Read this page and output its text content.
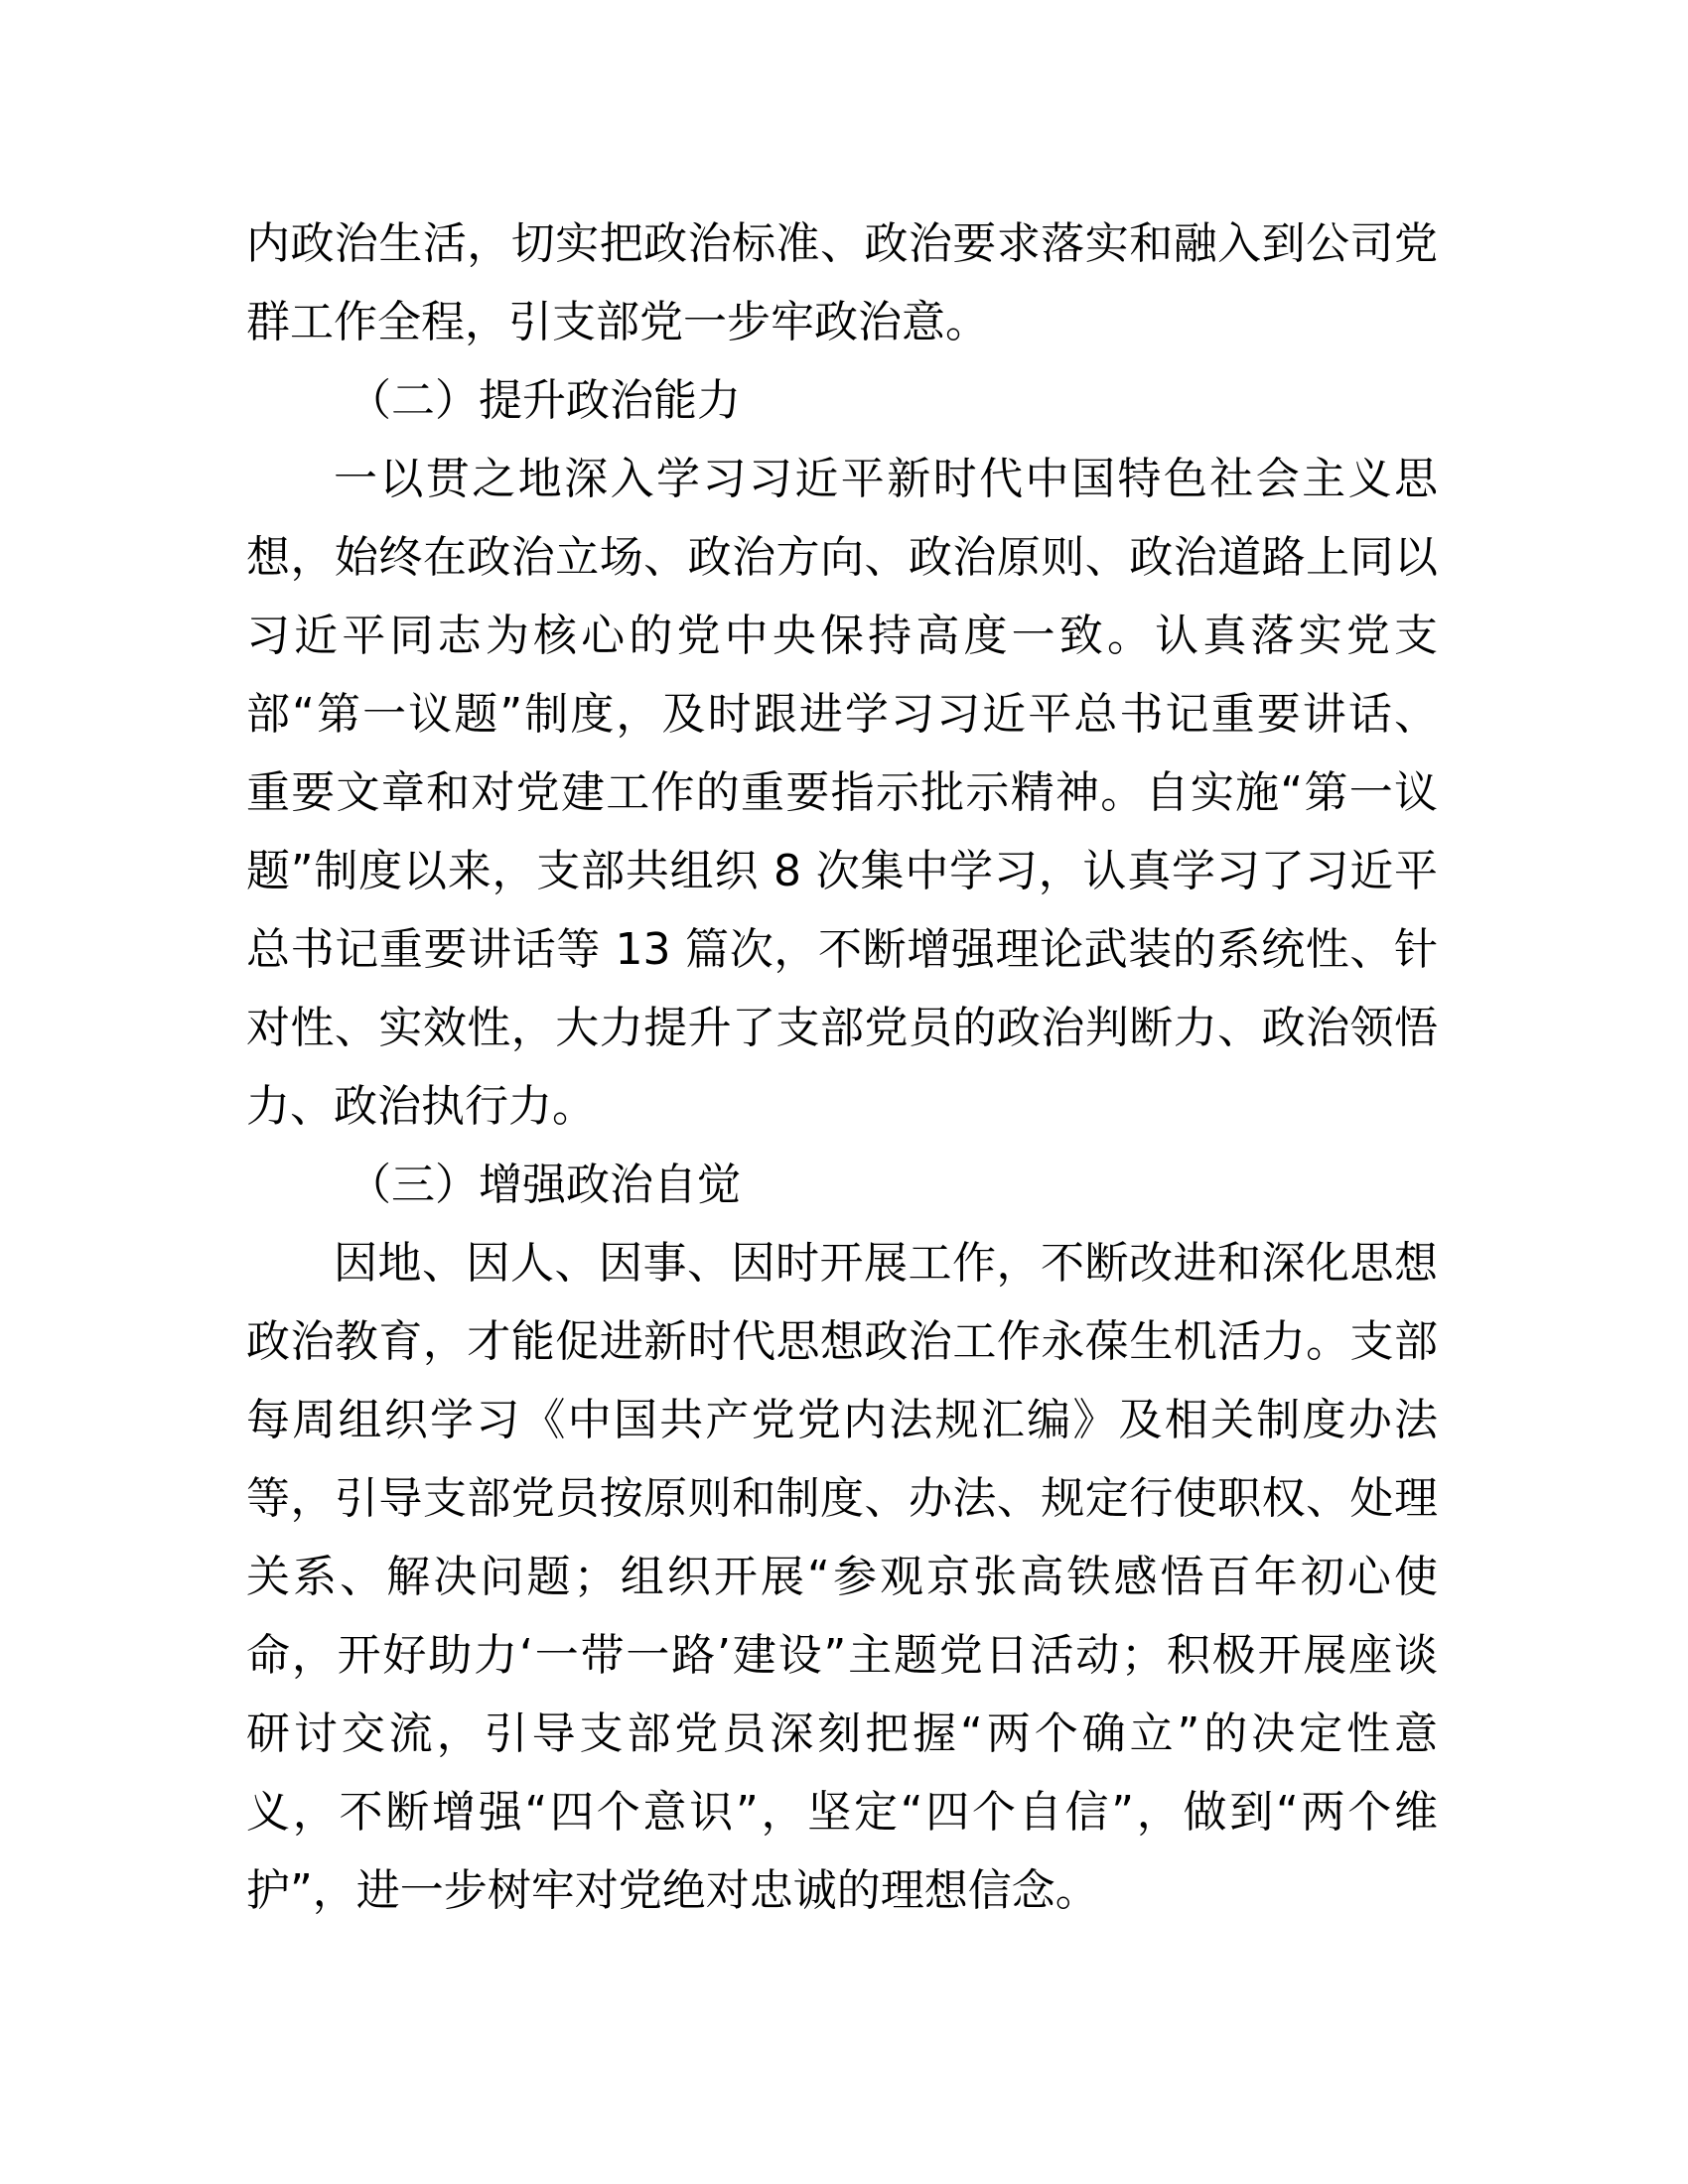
内政治生活，切实把政治标准、政治要求落实和融入到公司党
群工作全程，引支部党一步牢政治意。
（二）提升政治能力
一以贯之地深入学习习近平新时代中国特色社会主义思
想，始终在政治立场、政治方向、政治原则、政治道路上同以
习近平同志为核心的党中央保持高度一致。认真落实党支
部“第一议题”制度，及时跟进学习习近平总书记重要讲话、
重要文章和对党建工作的重要指示批示精神。自实施“第一议
题”制度以来，支部共组织 8 次集中学习，认真学习了习近平
总书记重要讲话等 13 篇次，不断增强理论武装的系统性、针
对性、实效性，大力提升了支部党员的政治判断力、政治领悟
力、政治执行力。
（三）增强政治自觉
因地、因人、因事、因时开展工作，不断改进和深化思想
政治教育，才能促进新时代思想政治工作永葆生机活力。支部
每周组织学习《中国共产党党内法规汇编》及相关制度办法
等，引导支部党员按原则和制度、办法、规定行使职权、处理
关系、解决问题；组织开展“参观京张高铁感悟百年初心使
命，开好助力‘一带一路’建设”主题党日活动；积极开展座谈
研讨交流，引导支部党员深刻把握“两个确立”的决定性意
义，不断增强“四个意识”，坚定“四个自信”，做到“两个维
护”，进一步树牢对党绝对忠诚的理想信念。
